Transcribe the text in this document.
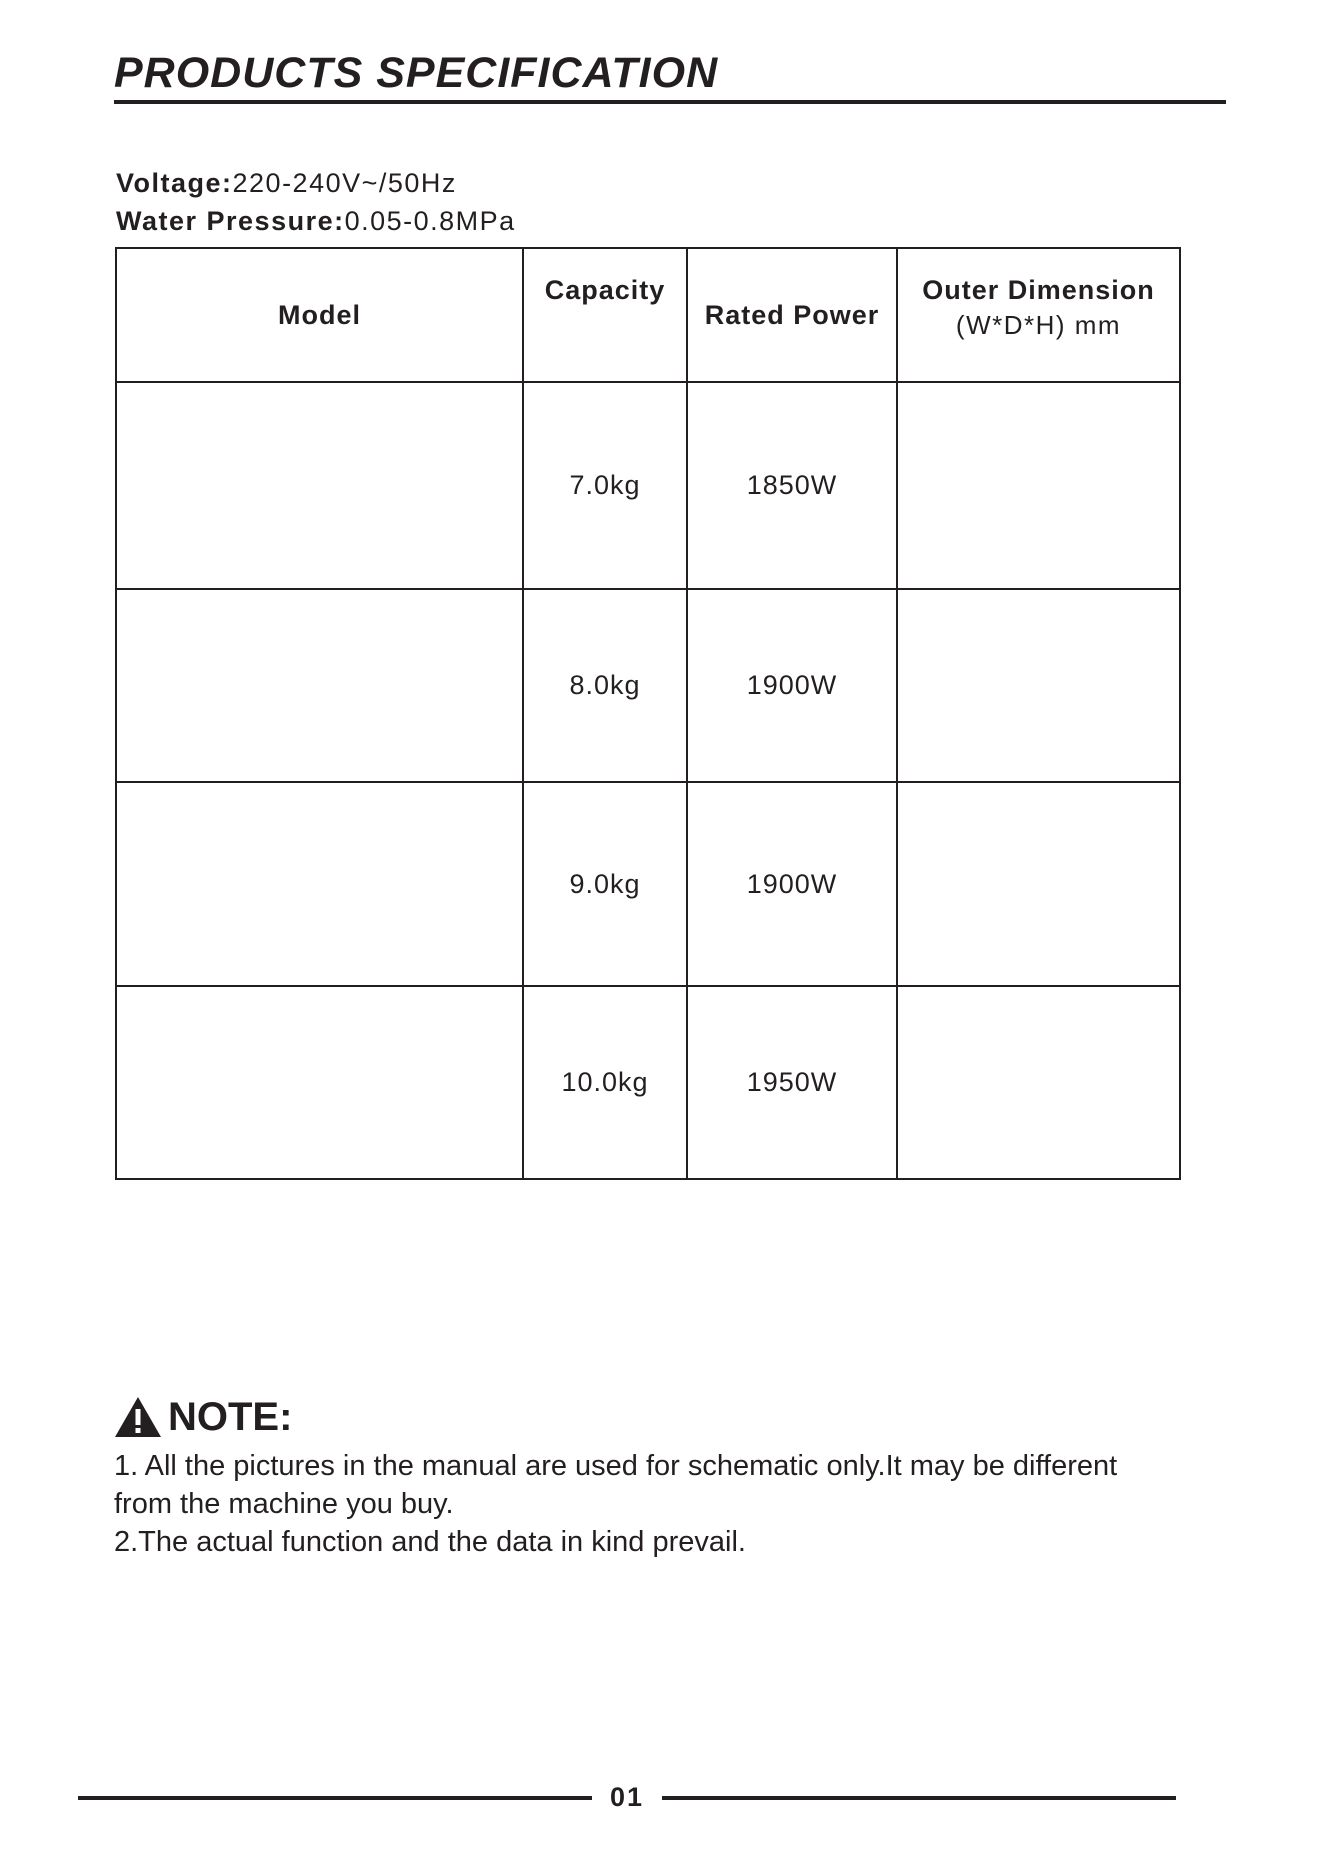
PRODUCTS SPECIFICATION
Voltage:220-240V~/50Hz
Water Pressure:0.05-0.8MPa
Model	Capacity	Rated Power	Outer Dimension
(W*D*H) mm

	7.0kg	1850W	
	8.0kg	1900W	
	9.0kg	1900W	
	10.0kg	1950W	
NOTE:
1. All the pictures in the manual are used for schematic only.It may be different
from the machine you buy.
2.The actual function and the data in kind prevail.
01
